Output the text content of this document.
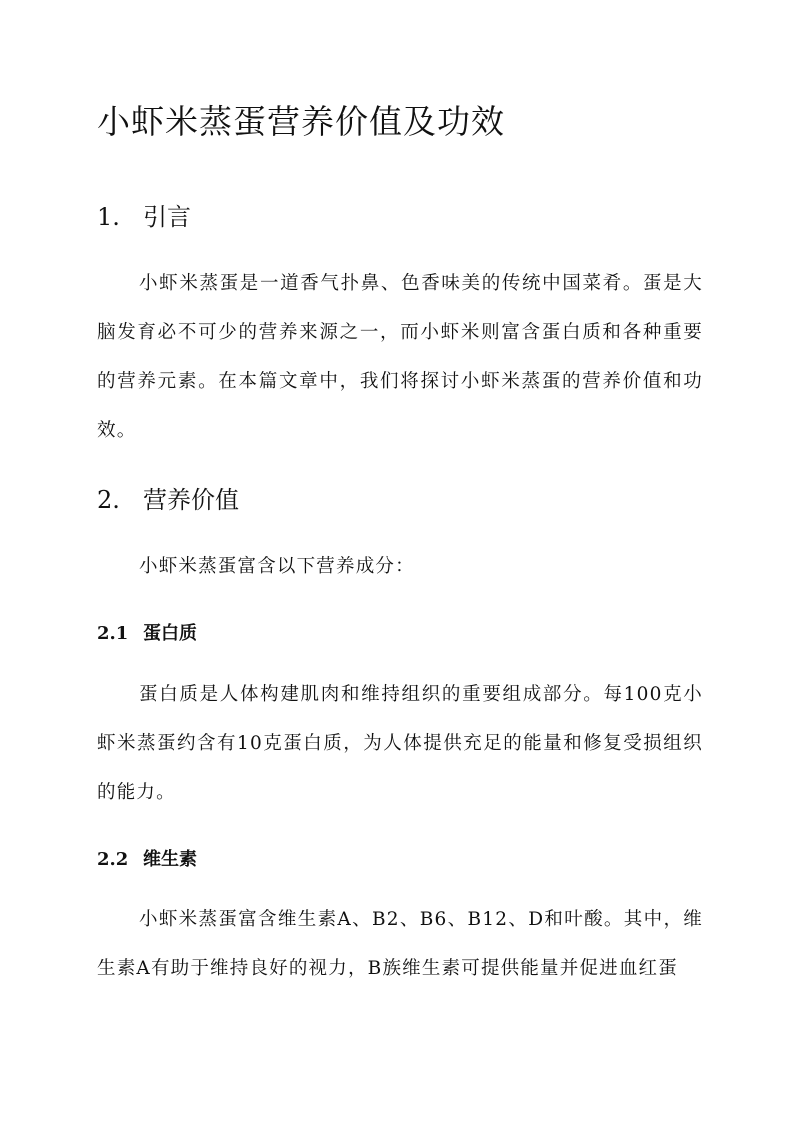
小虾米蒸蛋营养价值及功效
1. 引言

小虾米蒸蛋是一道香气扑鼻、色香味美的传统中国菜肴。蛋是大脑发育必不可少的营养来源之一，而小虾米则富含蛋白质和各种重要的营养元素。在本篇文章中，我们将探讨小虾米蒸蛋的营养价值和功效。

2. 营养价值

小虾米蒸蛋富含以下营养成分：

2.1 蛋白质

蛋白质是人体构建肌肉和维持组织的重要组成部分。每100克小虾米蒸蛋约含有10克蛋白质，为人体提供充足的能量和修复受损组织的能力。

2.2 维生素

小虾米蒸蛋富含维生素A、B2、B6、B12、D和叶酸。其中，维生素A有助于维持良好的视力，B族维生素可提供能量并促进血红蛋
